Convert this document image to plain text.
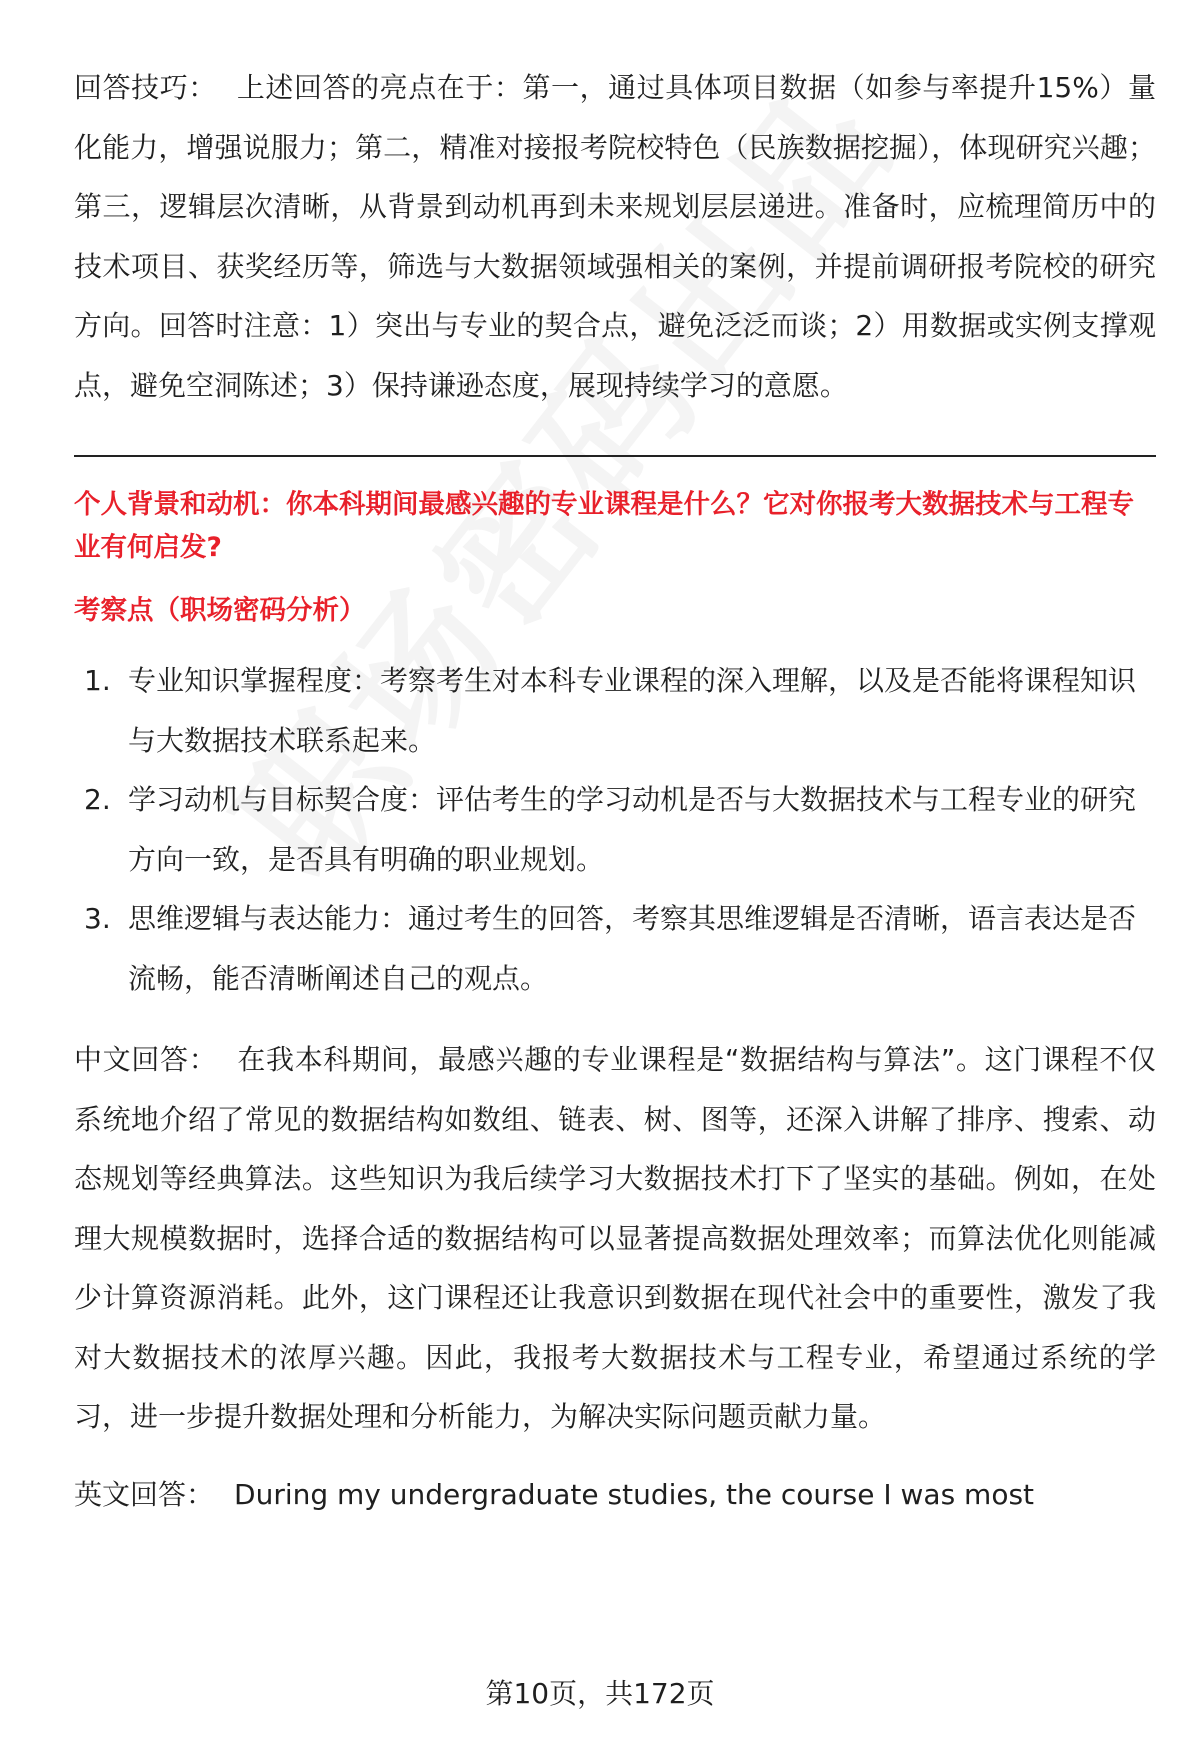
回答技巧： 上述回答的亮点在于：第一，通过具体项目数据（如参与率提升15%）量化能力，增强说服力；第二，精准对接报考院校特色（民族数据挖掘），体现研究兴趣；第三，逻辑层次清晰，从背景到动机再到未来规划层层递进。准备时，应梳理简历中的技术项目、获奖经历等，筛选与大数据领域强相关的案例，并提前调研报考院校的研究方向。回答时注意：1）突出与专业的契合点，避免泛泛而谈；2）用数据或实例支撑观点，避免空洞陈述；3）保持谦逊态度，展现持续学习的意愿。

个人背景和动机：你本科期间最感兴趣的专业课程是什么？它对你报考大数据技术与工程专业有何启发?

考察点（职场密码分析）

1. 专业知识掌握程度：考察考生对本科专业课程的深入理解，以及是否能将课程知识与大数据技术联系起来。
2. 学习动机与目标契合度：评估考生的学习动机是否与大数据技术与工程专业的研究方向一致，是否具有明确的职业规划。
3. 思维逻辑与表达能力：通过考生的回答，考察其思维逻辑是否清晰，语言表达是否流畅，能否清晰阐述自己的观点。

中文回答： 在我本科期间，最感兴趣的专业课程是“数据结构与算法”。这门课程不仅系统地介绍了常见的数据结构如数组、链表、树、图等，还深入讲解了排序、搜索、动态规划等经典算法。这些知识为我后续学习大数据技术打下了坚实的基础。例如，在处理大规模数据时，选择合适的数据结构可以显著提高数据处理效率；而算法优化则能减少计算资源消耗。此外，这门课程还让我意识到数据在现代社会中的重要性，激发了我对大数据技术的浓厚兴趣。因此，我报考大数据技术与工程专业，希望通过系统的学习，进一步提升数据处理和分析能力，为解决实际问题贡献力量。

英文回答： During my undergraduate studies, the course I was most

第10页，共172页
